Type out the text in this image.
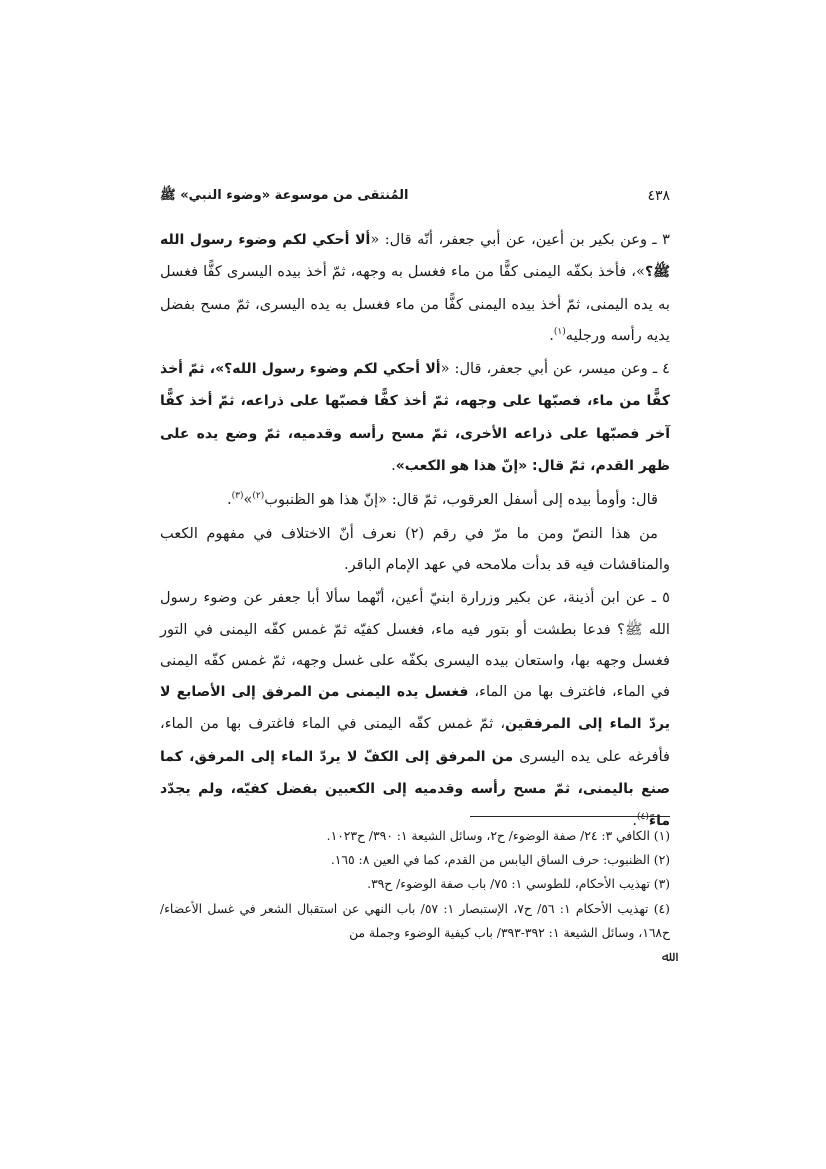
٤٣٨
المُنتقى من موسوعة «وضوء النبي» ﷺ

٣ ـ وعن بكير بن أعين، عن أبي جعفر، أنّه قال: «ألا أحكي لكم وضوء رسول الله ﷺ؟»، فأخذ بكفّه اليمنى كفًّا من ماء فغسل به وجهه، ثمّ أخذ بيده اليسرى كفًّا فغسل به يده اليمنى، ثمّ أخذ بيده اليمنى كفًّا من ماء فغسل به يده اليسرى، ثمّ مسح بفضل يديه رأسه ورجليه$^{(١)}$.

٤ ـ وعن ميسر، عن أبي جعفر، قال: «ألا أحكي لكم وضوء رسول الله؟»، ثمّ أخذ كفًّا من ماء، فصبّها على وجهه، ثمّ أخذ كفًّا فصبّها على ذراعه، ثمّ أخذ كفًّا آخر فصبّها على ذراعه الأخرى، ثمّ مسح رأسه وقدميه، ثمّ وضع يده على ظهر القدم، ثمّ قال: «إنّ هذا هو الكعب».

قال: وأومأ بيده إلى أسفل العرقوب، ثمّ قال: «إنّ هذا هو الظنبوب$^{(٢)}$»$^{(٣)}$.

من هذا النصّ ومن ما مرّ في رقم (٢) نعرف أنّ الاختلاف في مفهوم الكعب والمناقشات فيه قد بدأت ملامحه في عهد الإمام الباقر.

٥ ـ عن ابن أذينة، عن بكير وزرارة ابنيّ أعين، أنّهما سألا أبا جعفر عن وضوء رسول الله ﷺ؟ فدعا بطشت أو بتور فيه ماء، فغسل كفيّه ثمّ غمس كفّه اليمنى في التور فغسل وجهه بها، واستعان بيده اليسرى بكفّه على غسل وجهه، ثمّ غمس كفّه اليمنى في الماء، فاغترف بها من الماء، فغسل يده اليمنى من المرفق إلى الأصابع لا يردّ الماء إلى المرفقين، ثمّ غمس كفّه اليمنى في الماء فاغترف بها من الماء، فأفرغه على يده اليسرى من المرفق إلى الكفّ لا يردّ الماء إلى المرفق، كما صنع باليمنى، ثمّ مسح رأسه وقدميه إلى الكعبين بفضل كفيّه، ولم يجدّد ماءً$^{(٤)}$.

(١) الكافي ٣: ٢٤/ صفة الوضوء/ ح٢، وسائل الشيعة ١: ٣٩٠/ ح١٠٢٣.

(٢) الظنبوب: حرف الساق اليابس من القدم، كما في العين ٨: ١٦٥.

(٣) تهذيب الأحكام، للطوسي ١: ٧٥/ باب صفة الوضوء/ ح٣٩.

(٤) تهذيب الأحكام ١: ٥٦/ ح٧، الإستبصار ١: ٥٧/ باب النهي عن استقبال الشعر في غسل الأعضاء/ ح١٦٨، وسائل الشيعة ١: ٣٩٢-٣٩٣/ باب كيفية الوضوء وجملة من

ﷲ
